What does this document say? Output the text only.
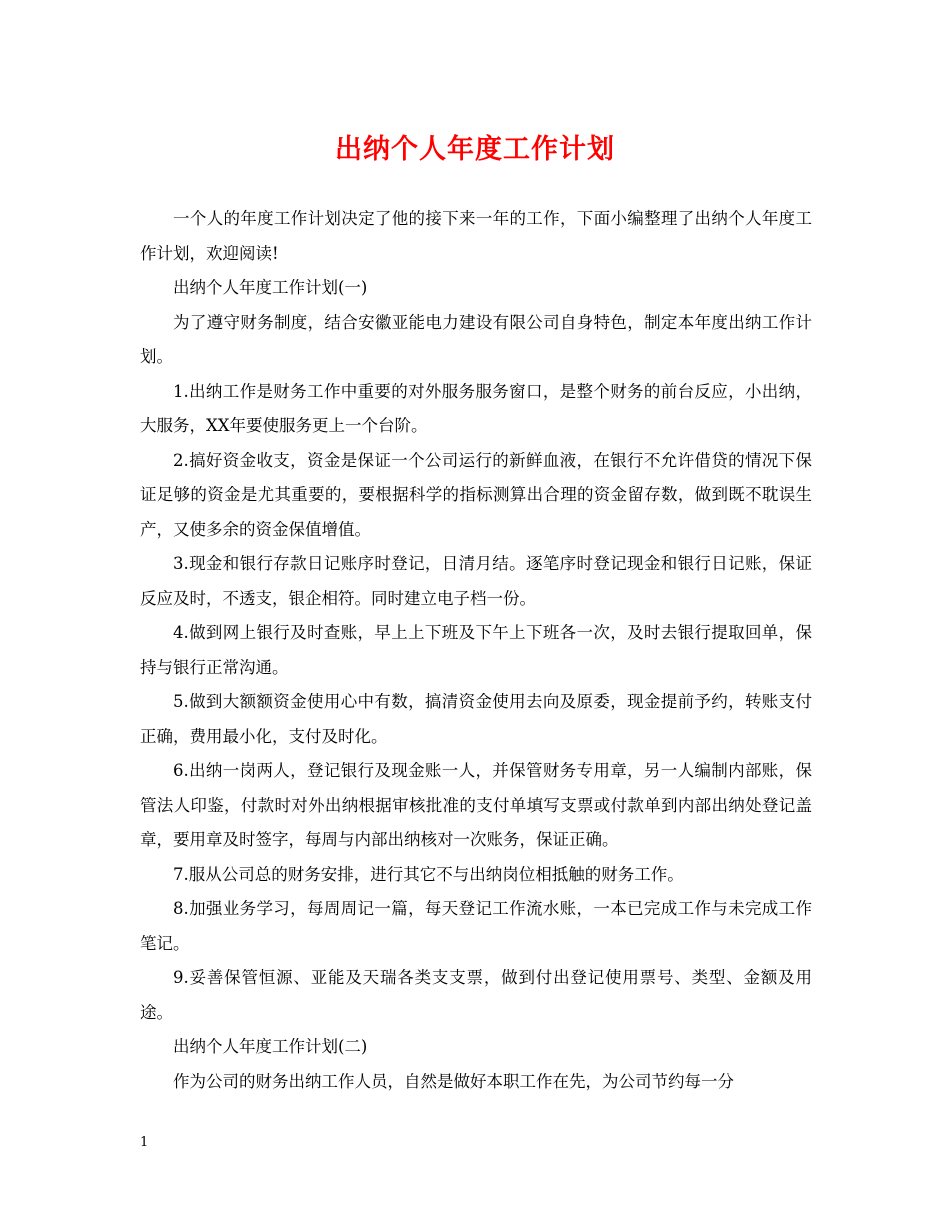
出纳个人年度工作计划

一个人的年度工作计划决定了他的接下来一年的工作，下面小编整理了出纳个人年度工作计划，欢迎阅读!

出纳个人年度工作计划(一)

为了遵守财务制度，结合安徽亚能电力建设有限公司自身特色，制定本年度出纳工作计划。

1.出纳工作是财务工作中重要的对外服务服务窗口，是整个财务的前台反应，小出纳，大服务，XX年要使服务更上一个台阶。

2.搞好资金收支，资金是保证一个公司运行的新鲜血液，在银行不允许借贷的情况下保证足够的资金是尤其重要的，要根据科学的指标测算出合理的资金留存数，做到既不耽误生产，又使多余的资金保值增值。

3.现金和银行存款日记账序时登记，日清月结。逐笔序时登记现金和银行日记账，保证反应及时，不透支，银企相符。同时建立电子档一份。

4.做到网上银行及时查账，早上上下班及下午上下班各一次，及时去银行提取回单，保持与银行正常沟通。

5.做到大额额资金使用心中有数，搞清资金使用去向及原委，现金提前予约，转账支付正确，费用最小化，支付及时化。

6.出纳一岗两人，登记银行及现金账一人，并保管财务专用章，另一人编制内部账，保管法人印鉴，付款时对外出纳根据审核批准的支付单填写支票或付款单到内部出纳处登记盖章，要用章及时签字，每周与内部出纳核对一次账务，保证正确。

7.服从公司总的财务安排，进行其它不与出纳岗位相抵触的财务工作。

8.加强业务学习，每周周记一篇，每天登记工作流水账，一本已完成工作与未完成工作笔记。

9.妥善保管恒源、亚能及天瑞各类支支票，做到付出登记使用票号、类型、金额及用途。

出纳个人年度工作计划(二)

作为公司的财务出纳工作人员，自然是做好本职工作在先，为公司节约每一分

1
